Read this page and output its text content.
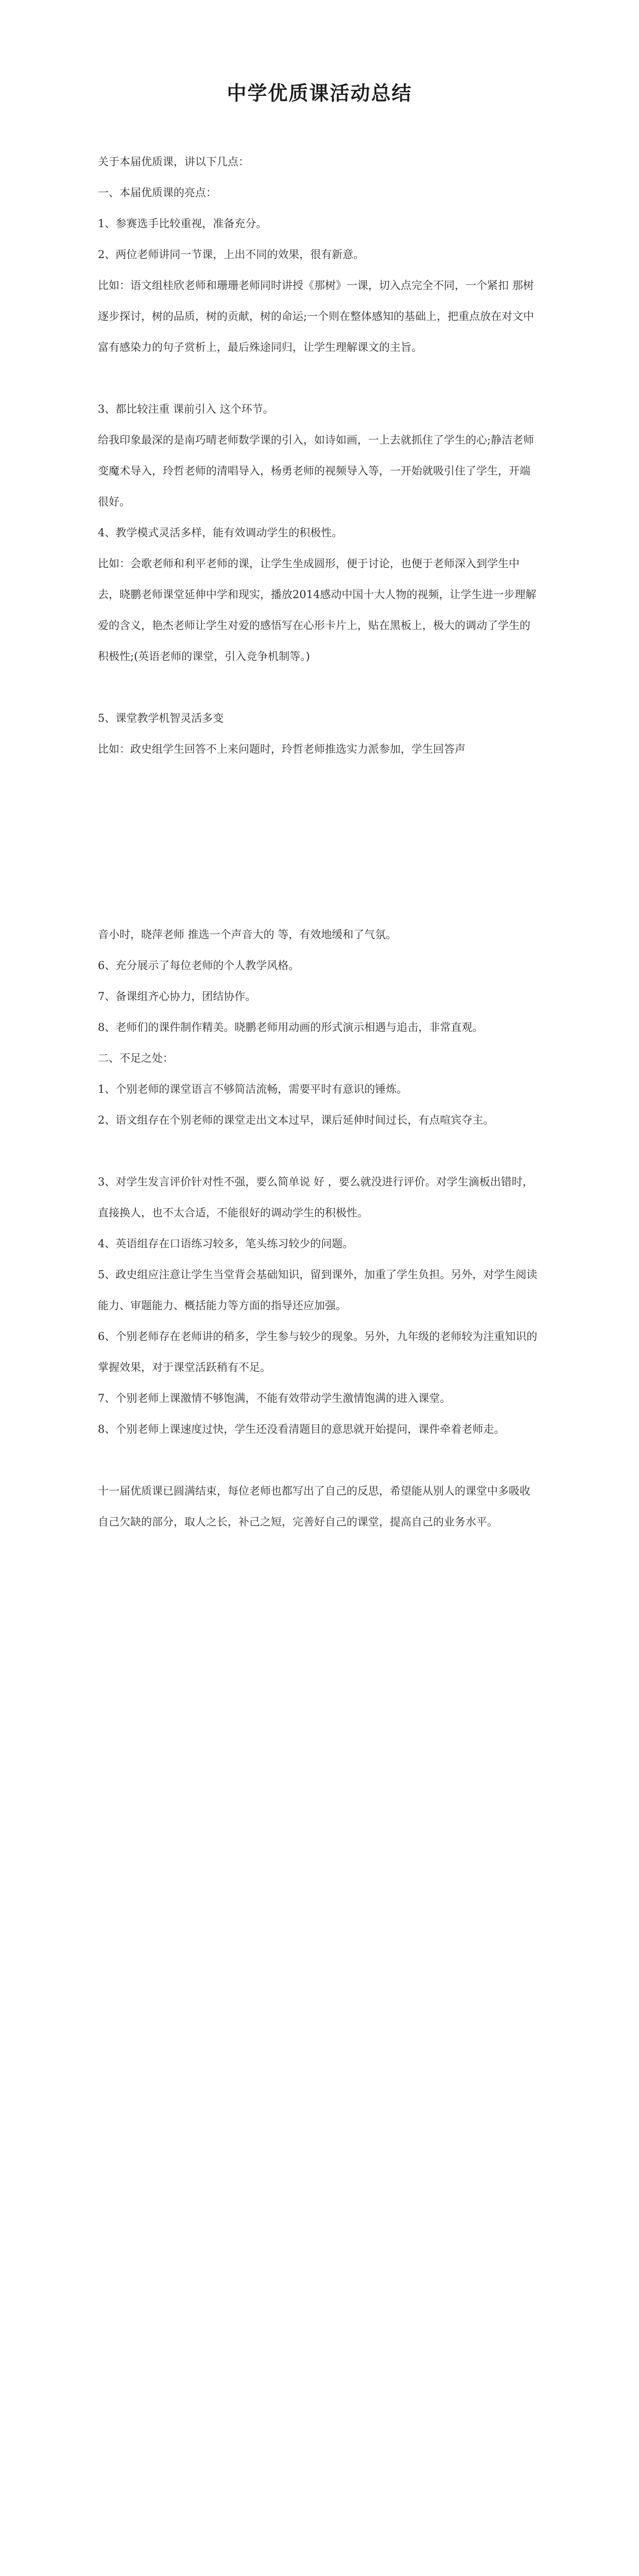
中学优质课活动总结
关于本届优质课，讲以下几点：
一、本届优质课的亮点：
1、参赛选手比较重视，准备充分。
2、两位老师讲同一节课，上出不同的效果，很有新意。
比如：语文组桂欣老师和珊珊老师同时讲授《那树》一课，切入点完全不同，一个紧扣 那树 逐步探讨，树的品质，树的贡献，树的命运;一个则在整体感知的基础上，把重点放在对文中富有感染力的句子赏析上，最后殊途同归，让学生理解课文的主旨。
3、都比较注重 课前引入 这个环节。
给我印象最深的是南巧晴老师数学课的引入，如诗如画，一上去就抓住了学生的心;静洁老师变魔术导入，玲哲老师的清唱导入，杨勇老师的视频导入等，一开始就吸引住了学生，开端很好。
4、教学模式灵活多样，能有效调动学生的积极性。
比如：会歌老师和利平老师的课，让学生坐成圆形，便于讨论，也便于老师深入到学生中去，晓鹏老师课堂延伸中学和现实，播放2014感动中国十大人物的视频，让学生进一步理解爱的含义，艳杰老师让学生对爱的感悟写在心形卡片上，贴在黑板上，极大的调动了学生的积极性;(英语老师的课堂，引入竞争机制等。)
5、课堂教学机智灵活多变
比如：政史组学生回答不上来问题时，玲哲老师推选实力派参加，学生回答声
音小时，晓萍老师 推选一个声音大的 等，有效地缓和了气氛。
6、充分展示了每位老师的个人教学风格。
7、备课组齐心协力，团结协作。
8、老师们的课件制作精美。晓鹏老师用动画的形式演示相遇与追击，非常直观。
二、不足之处：
1、个别老师的课堂语言不够简洁流畅，需要平时有意识的锤炼。
2、语文组存在个别老师的课堂走出文本过早，课后延伸时间过长，有点喧宾夺主。
3、对学生发言评价针对性不强，要么简单说 好 ，要么就没进行评价。对学生滴板出错时，直接换人，也不太合适，不能很好的调动学生的积极性。
4、英语组存在口语练习较多，笔头练习较少的问题。
5、政史组应注意让学生当堂背会基础知识，留到课外，加重了学生负担。另外，对学生阅读能力、审题能力、概括能力等方面的指导还应加强。
6、个别老师存在老师讲的稍多，学生参与较少的现象。另外，九年级的老师较为注重知识的掌握效果，对于课堂活跃稍有不足。
7、个别老师上课激情不够饱满，不能有效带动学生激情饱满的进入课堂。
8、个别老师上课速度过快，学生还没看清题目的意思就开始提问，课件牵着老师走。
十一届优质课已圆满结束，每位老师也都写出了自己的反思，希望能从别人的课堂中多吸收自己欠缺的部分，取人之长，补己之短，完善好自己的课堂，提高自己的业务水平。
